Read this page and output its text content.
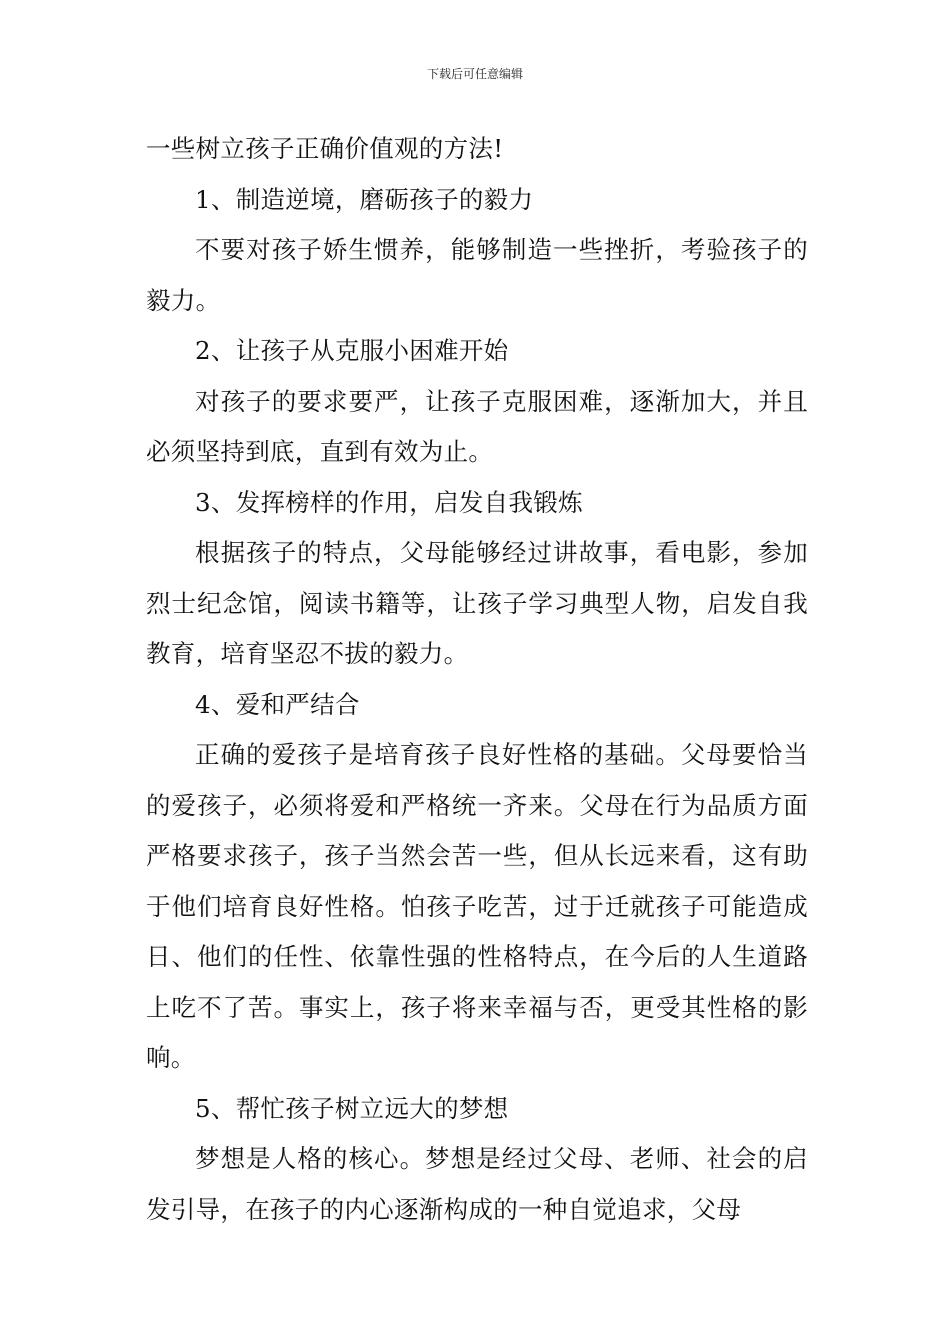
下载后可任意编辑

一些树立孩子正确价值观的方法!

1、制造逆境，磨砺孩子的毅力

不要对孩子娇生惯养，能够制造一些挫折，考验孩子的毅力。

2、让孩子从克服小困难开始

对孩子的要求要严，让孩子克服困难，逐渐加大，并且必须坚持到底，直到有效为止。

3、发挥榜样的作用，启发自我锻炼

根据孩子的特点，父母能够经过讲故事，看电影，参加烈士纪念馆，阅读书籍等，让孩子学习典型人物，启发自我教育，培育坚忍不拔的毅力。

4、爱和严结合

正确的爱孩子是培育孩子良好性格的基础。父母要恰当的爱孩子，必须将爱和严格统一齐来。父母在行为品质方面严格要求孩子，孩子当然会苦一些，但从长远来看，这有助于他们培育良好性格。怕孩子吃苦，过于迁就孩子可能造成日、他们的任性、依靠性强的性格特点，在今后的人生道路上吃不了苦。事实上，孩子将来幸福与否，更受其性格的影响。

5、帮忙孩子树立远大的梦想

梦想是人格的核心。梦想是经过父母、老师、社会的启发引导，在孩子的内心逐渐构成的一种自觉追求，父母
